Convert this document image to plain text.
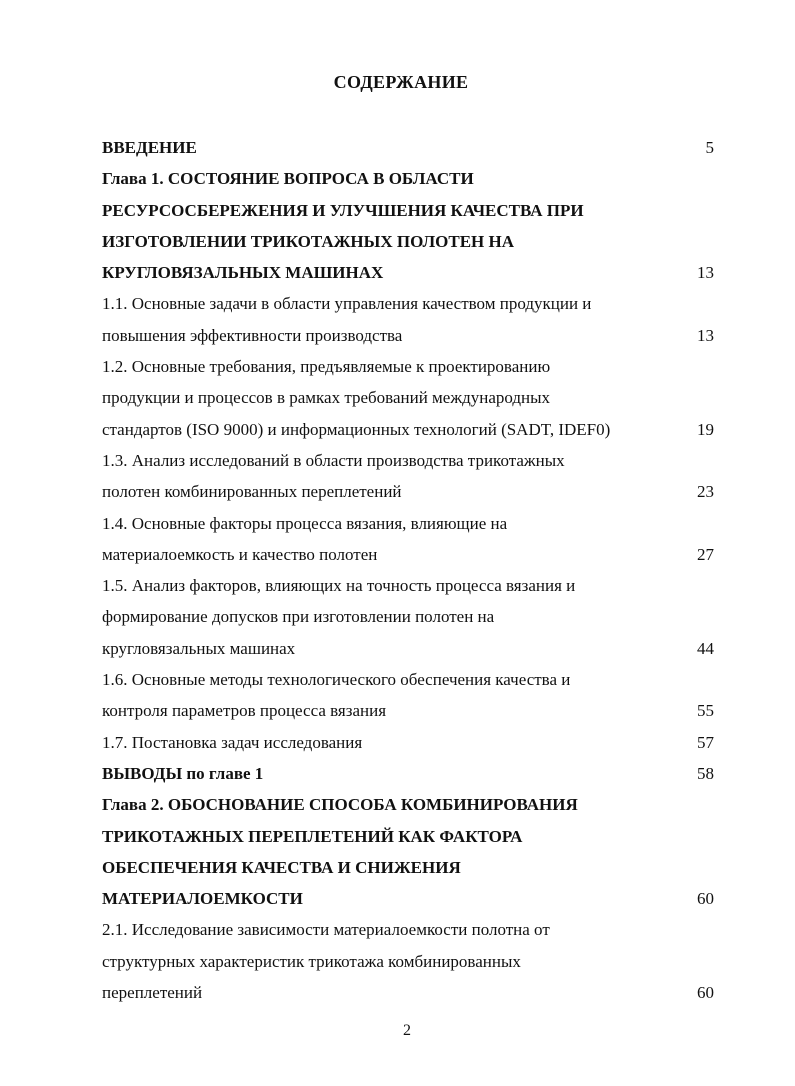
СОДЕРЖАНИЕ
ВВЕДЕНИЕ	5
Глава 1. СОСТОЯНИЕ ВОПРОСА В ОБЛАСТИ
РЕСУРСОСБЕРЕЖЕНИЯ И УЛУЧШЕНИЯ КАЧЕСТВА ПРИ
ИЗГОТОВЛЕНИИ ТРИКОТАЖНЫХ ПОЛОТЕН НА
КРУГЛОВЯЗАЛЬНЫХ МАШИНАХ	13
1.1. Основные задачи в области управления качеством продукции и
повышения эффективности производства	13
1.2. Основные требования, предъявляемые к проектированию
продукции и процессов в рамках требований международных
стандартов (ISO 9000) и информационных технологий (SADT, IDEF0)	19
1.3. Анализ исследований в области производства трикотажных
полотен комбинированных переплетений	23
1.4. Основные факторы процесса вязания, влияющие на
материалоемкость и качество полотен	27
1.5. Анализ факторов, влияющих на точность процесса вязания и
формирование допусков при изготовлении полотен на
кругловязальных машинах	44
1.6. Основные методы технологического обеспечения качества и
контроля параметров процесса вязания	55
1.7. Постановка задач исследования	57
ВЫВОДЫ по главе 1	58
Глава 2. ОБОСНОВАНИЕ СПОСОБА КОМБИНИРОВАНИЯ
ТРИКОТАЖНЫХ ПЕРЕПЛЕТЕНИЙ КАК ФАКТОРА
ОБЕСПЕЧЕНИЯ КАЧЕСТВА И СНИЖЕНИЯ
МАТЕРИАЛОЕМКОСТИ	60
2.1. Исследование зависимости материалоемкости полотна от
структурных характеристик трикотажа комбинированных
переплетений	60
2
